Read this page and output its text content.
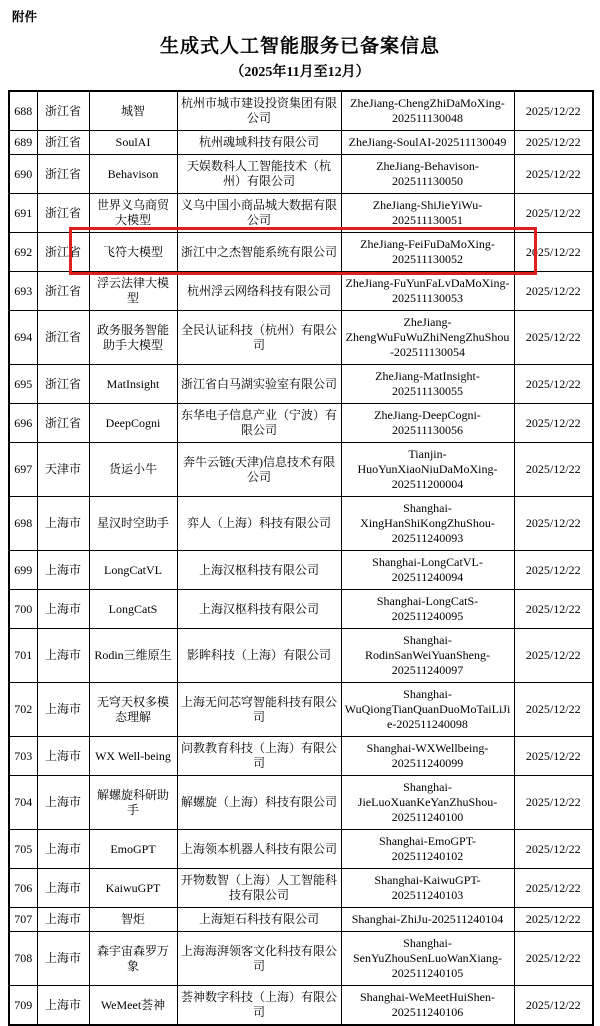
附件
生成式人工智能服务已备案信息
（2025年11月至12月）
688	浙江省	城智	杭州市城市建设投资集团有限公司	ZheJiang-ChengZhiDaMoXing-202511130048	2025/12/22
689	浙江省	SoulAI	杭州魂域科技有限公司	ZheJiang-SoulAI-202511130049	2025/12/22
690	浙江省	Behavison	天娱数科人工智能技术（杭州）有限公司	ZheJiang-Behavison-202511130050	2025/12/22
691	浙江省	世界义乌商贸大模型	义乌中国小商品城大数据有限公司	ZheJiang-ShiJieYiWu-202511130051	2025/12/22
692	浙江省	飞符大模型	浙江中之杰智能系统有限公司	ZheJiang-FeiFuDaMoXing-202511130052	2025/12/22
693	浙江省	浮云法律大模型	杭州浮云网络科技有限公司	ZheJiang-FuYunFaLvDaMoXing-202511130053	2025/12/22
694	浙江省	政务服务智能助手大模型	全民认证科技（杭州）有限公司	ZheJiang-ZhengWuFuWuZhiNengZhuShou-202511130054	2025/12/22
695	浙江省	MatInsight	浙江省白马湖实验室有限公司	ZheJiang-MatInsight-202511130055	2025/12/22
696	浙江省	DeepCogni	东华电子信息产业（宁波）有限公司	ZheJiang-DeepCogni-202511130056	2025/12/22
697	天津市	货运小牛	奔牛云链(天津)信息技术有限公司	Tianjin-HuoYunXiaoNiuDaMoXing-202511200004	2025/12/22
698	上海市	星汉时空助手	弈人（上海）科技有限公司	Shanghai-XingHanShiKongZhuShou-202511240093	2025/12/22
699	上海市	LongCatVL	上海汉枢科技有限公司	Shanghai-LongCatVL-202511240094	2025/12/22
700	上海市	LongCatS	上海汉枢科技有限公司	Shanghai-LongCatS-202511240095	2025/12/22
701	上海市	Rodin三维原生	影眸科技（上海）有限公司	Shanghai-RodinSanWeiYuanSheng-202511240097	2025/12/22
702	上海市	无穹天权多模态理解	上海无问芯穹智能科技有限公司	Shanghai-WuQiongTianQuanDuoMoTaiLiJie-202511240098	2025/12/22
703	上海市	WX Well-being	问教教育科技（上海）有限公司	Shanghai-WXWellbeing-202511240099	2025/12/22
704	上海市	解螺旋科研助手	解螺旋（上海）科技有限公司	Shanghai-JieLuoXuanKeYanZhuShou-202511240100	2025/12/22
705	上海市	EmoGPT	上海领本机器人科技有限公司	Shanghai-EmoGPT-202511240102	2025/12/22
706	上海市	KaiwuGPT	开物数智（上海）人工智能科技有限公司	Shanghai-KaiwuGPT-202511240103	2025/12/22
707	上海市	智炬	上海矩石科技有限公司	Shanghai-ZhiJu-202511240104	2025/12/22
708	上海市	森宇宙森罗万象	上海海湃领客文化科技有限公司	Shanghai-SenYuZhouSenLuoWanXiang-202511240105	2025/12/22
709	上海市	WeMeet荟神	荟神数字科技（上海）有限公司	Shanghai-WeMeetHuiShen-202511240106	2025/12/22
